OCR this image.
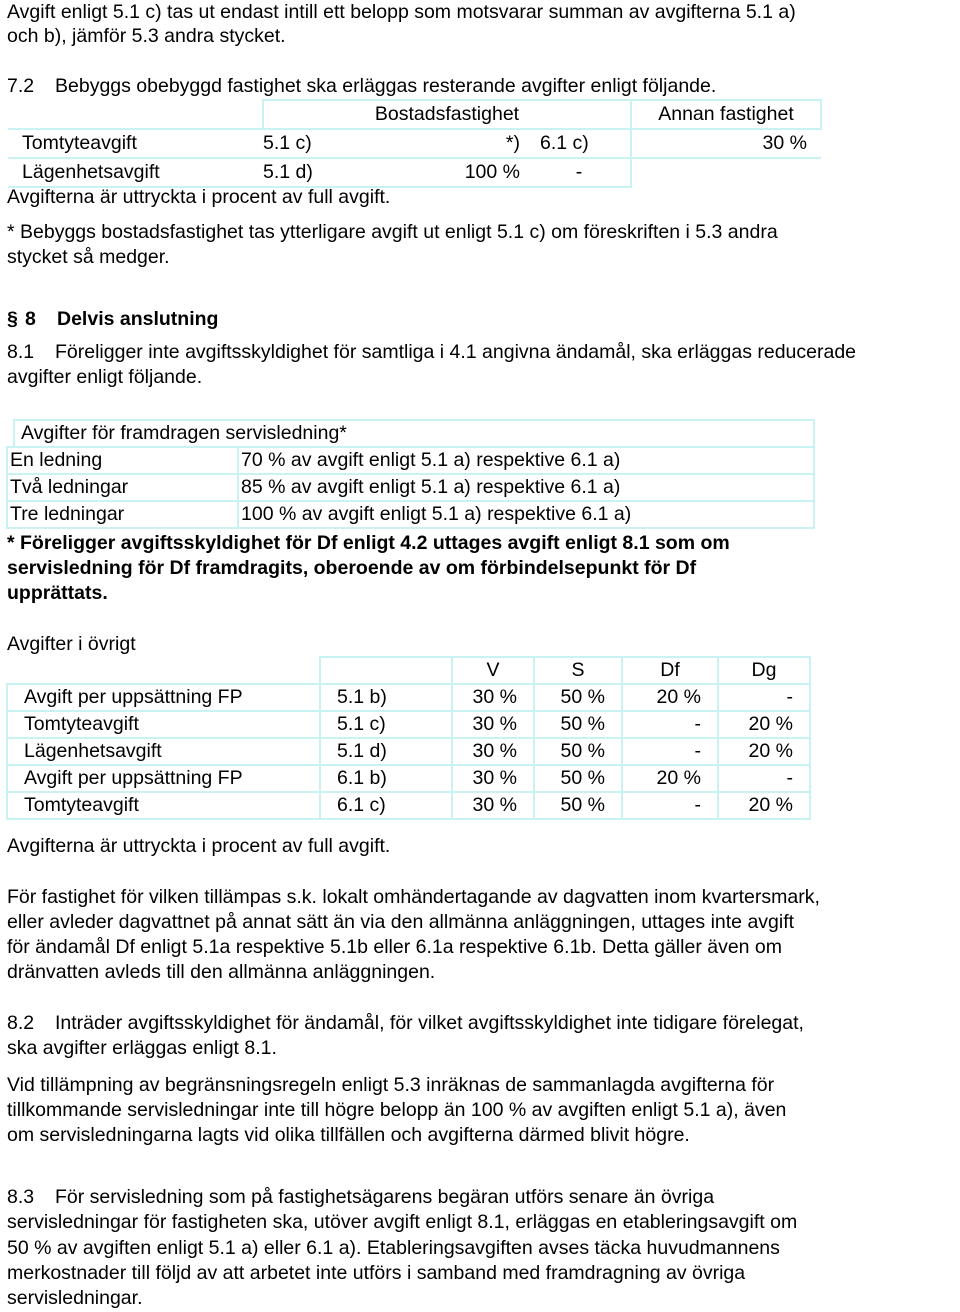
Avgift enligt 5.1 c) tas ut endast intill ett belopp som motsvarar summan av avgifterna 5.1 a)
och b), jämför 5.3 andra stycket.
7.2 Bebyggs obebyggd fastighet ska erläggas resterande avgifter enligt följande.
	Bostadsfastighet			Annan fastighet	
Tomtyteavgift	5.1 c)	*)	6.1 c)		30 %
Lägenhetsavgift	5.1 d)	100 %	-		
Avgifterna är uttryckta i procent av full avgift.
* Bebyggs bostadsfastighet tas ytterligare avgift ut enligt 5.1 c) om föreskriften i 5.3 andra
stycket så medger.
§ 8 Delvis anslutning
8.1 Föreligger inte avgiftsskyldighet för samtliga i 4.1 angivna ändamål, ska erläggas reducerade
avgifter enligt följande.
	Avgifter för framdragen servisledning*	
En ledning		70 % av avgift enligt 5.1 a) respektive 6.1 a)
Två ledningar		85 % av avgift enligt 5.1 a) respektive 6.1 a)
Tre ledningar		100 % av avgift enligt 5.1 a) respektive 6.1 a)
* Föreligger avgiftsskyldighet för Df enligt 4.2 uttages avgift enligt 8.1 som om
servisledning för Df framdragits, oberoende av om förbindelsepunkt för Df
upprättats.
Avgifter i övrigt
		V	S	Df	Dg
Avgift per uppsättning FP	5.1 b)	30 %	50 %	20 %	-
Tomtyteavgift	5.1 c)	30 %	50 %	-	20 %
Lägenhetsavgift	5.1 d)	30 %	50 %	-	20 %
Avgift per uppsättning FP	6.1 b)	30 %	50 %	20 %	-
Tomtyteavgift	6.1 c)	30 %	50 %	-	20 %
Avgifterna är uttryckta i procent av full avgift.
För fastighet för vilken tillämpas s.k. lokalt omhändertagande av dagvatten inom kvartersmark,
eller avleder dagvattnet på annat sätt än via den allmänna anläggningen, uttages inte avgift
för ändamål Df enligt 5.1a respektive 5.1b eller 6.1a respektive 6.1b. Detta gäller även om
dränvatten avleds till den allmänna anläggningen.
8.2 Inträder avgiftsskyldighet för ändamål, för vilket avgiftsskyldighet inte tidigare förelegat,
ska avgifter erläggas enligt 8.1.
Vid tillämpning av begränsningsregeln enligt 5.3 inräknas de sammanlagda avgifterna för
tillkommande servisledningar inte till högre belopp än 100 % av avgiften enligt 5.1 a), även
om servisledningarna lagts vid olika tillfällen och avgifterna därmed blivit högre.
8.3 För servisledning som på fastighetsägarens begäran utförs senare än övriga
servisledningar för fastigheten ska, utöver avgift enligt 8.1, erläggas en etableringsavgift om
50 % av avgiften enligt 5.1 a) eller 6.1 a). Etableringsavgiften avses täcka huvudmannens
merkostnader till följd av att arbetet inte utförs i samband med framdragning av övriga
servisledningar.
